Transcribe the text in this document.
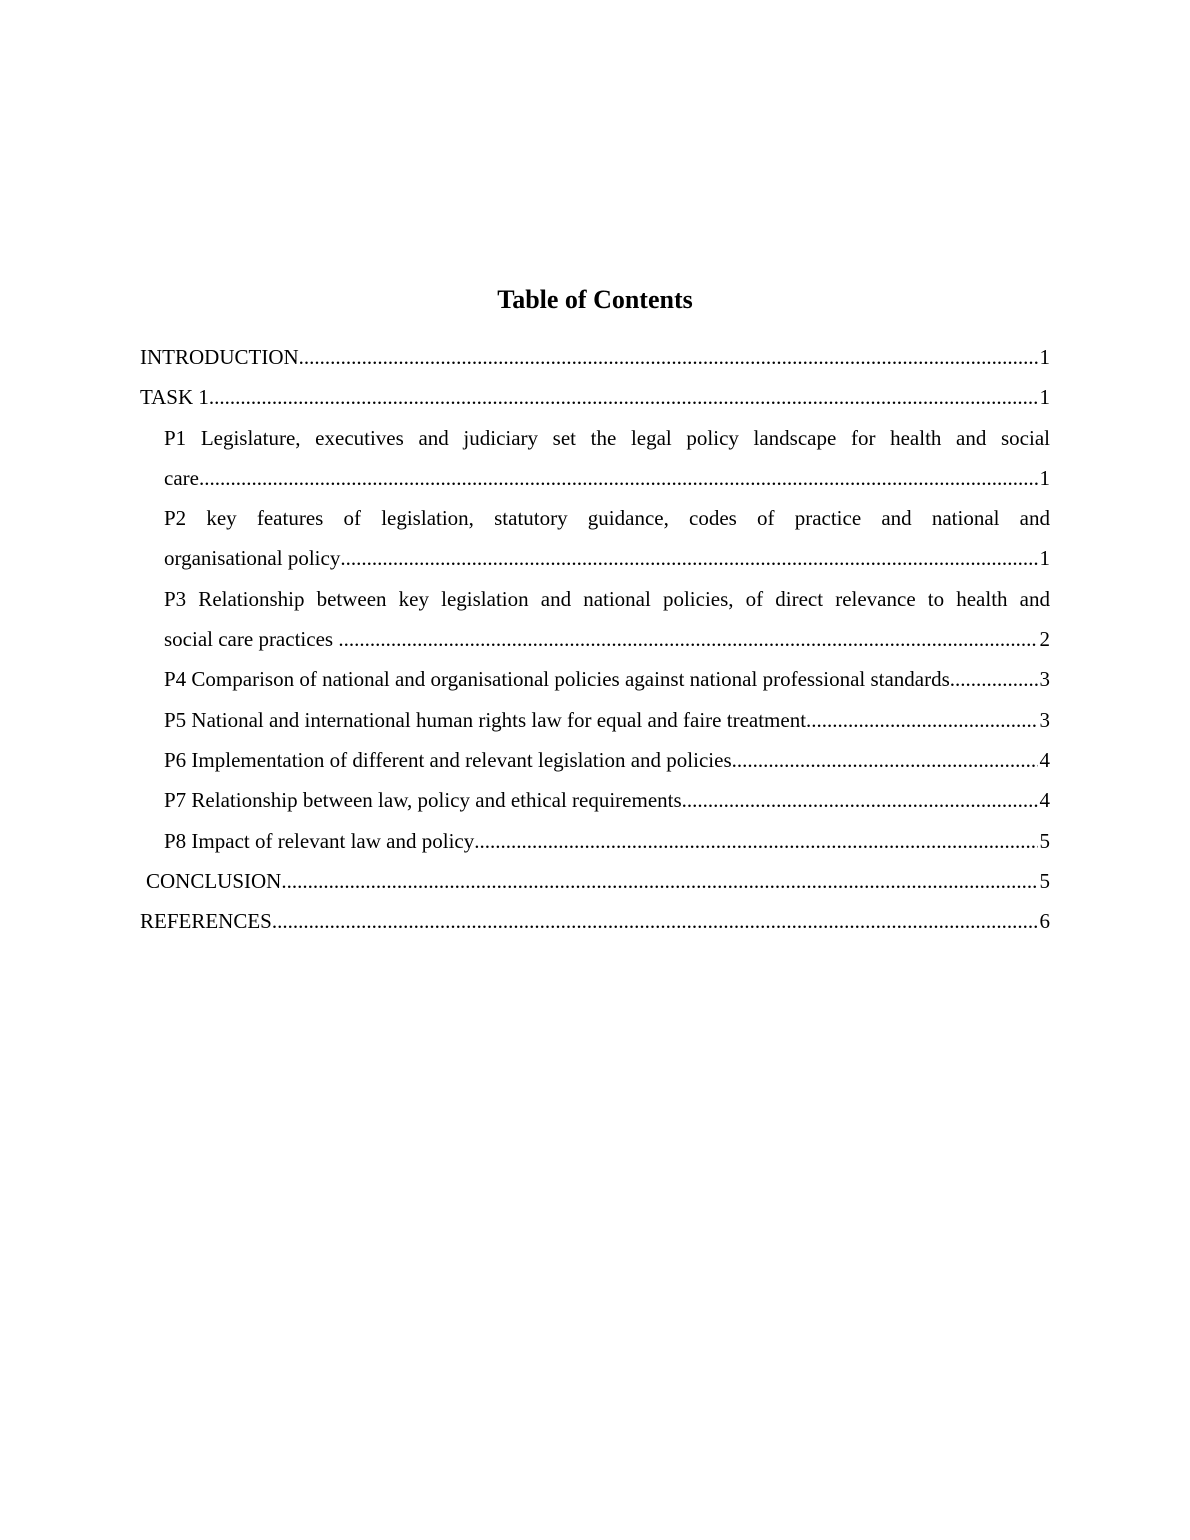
Table of Contents
INTRODUCTION .....	1
TASK 1 .....	1
P1 Legislature, executives and judiciary set the legal policy landscape for health and social
care .....	1
P2 key features of legislation, statutory guidance, codes of practice and national and
organisational policy .....	1
P3 Relationship between key legislation and national policies, of direct relevance to health and
social care practices .....	2
P4 Comparison of national and organisational policies against national professional standards .....	3
P5 National and international human rights law for equal and faire treatment .....	3
P6 Implementation of different and relevant legislation and policies .....	4
P7 Relationship between law, policy and ethical requirements .....	4
P8 Impact of relevant law and policy .....	5
CONCLUSION .....	5
REFERENCES .....	6
